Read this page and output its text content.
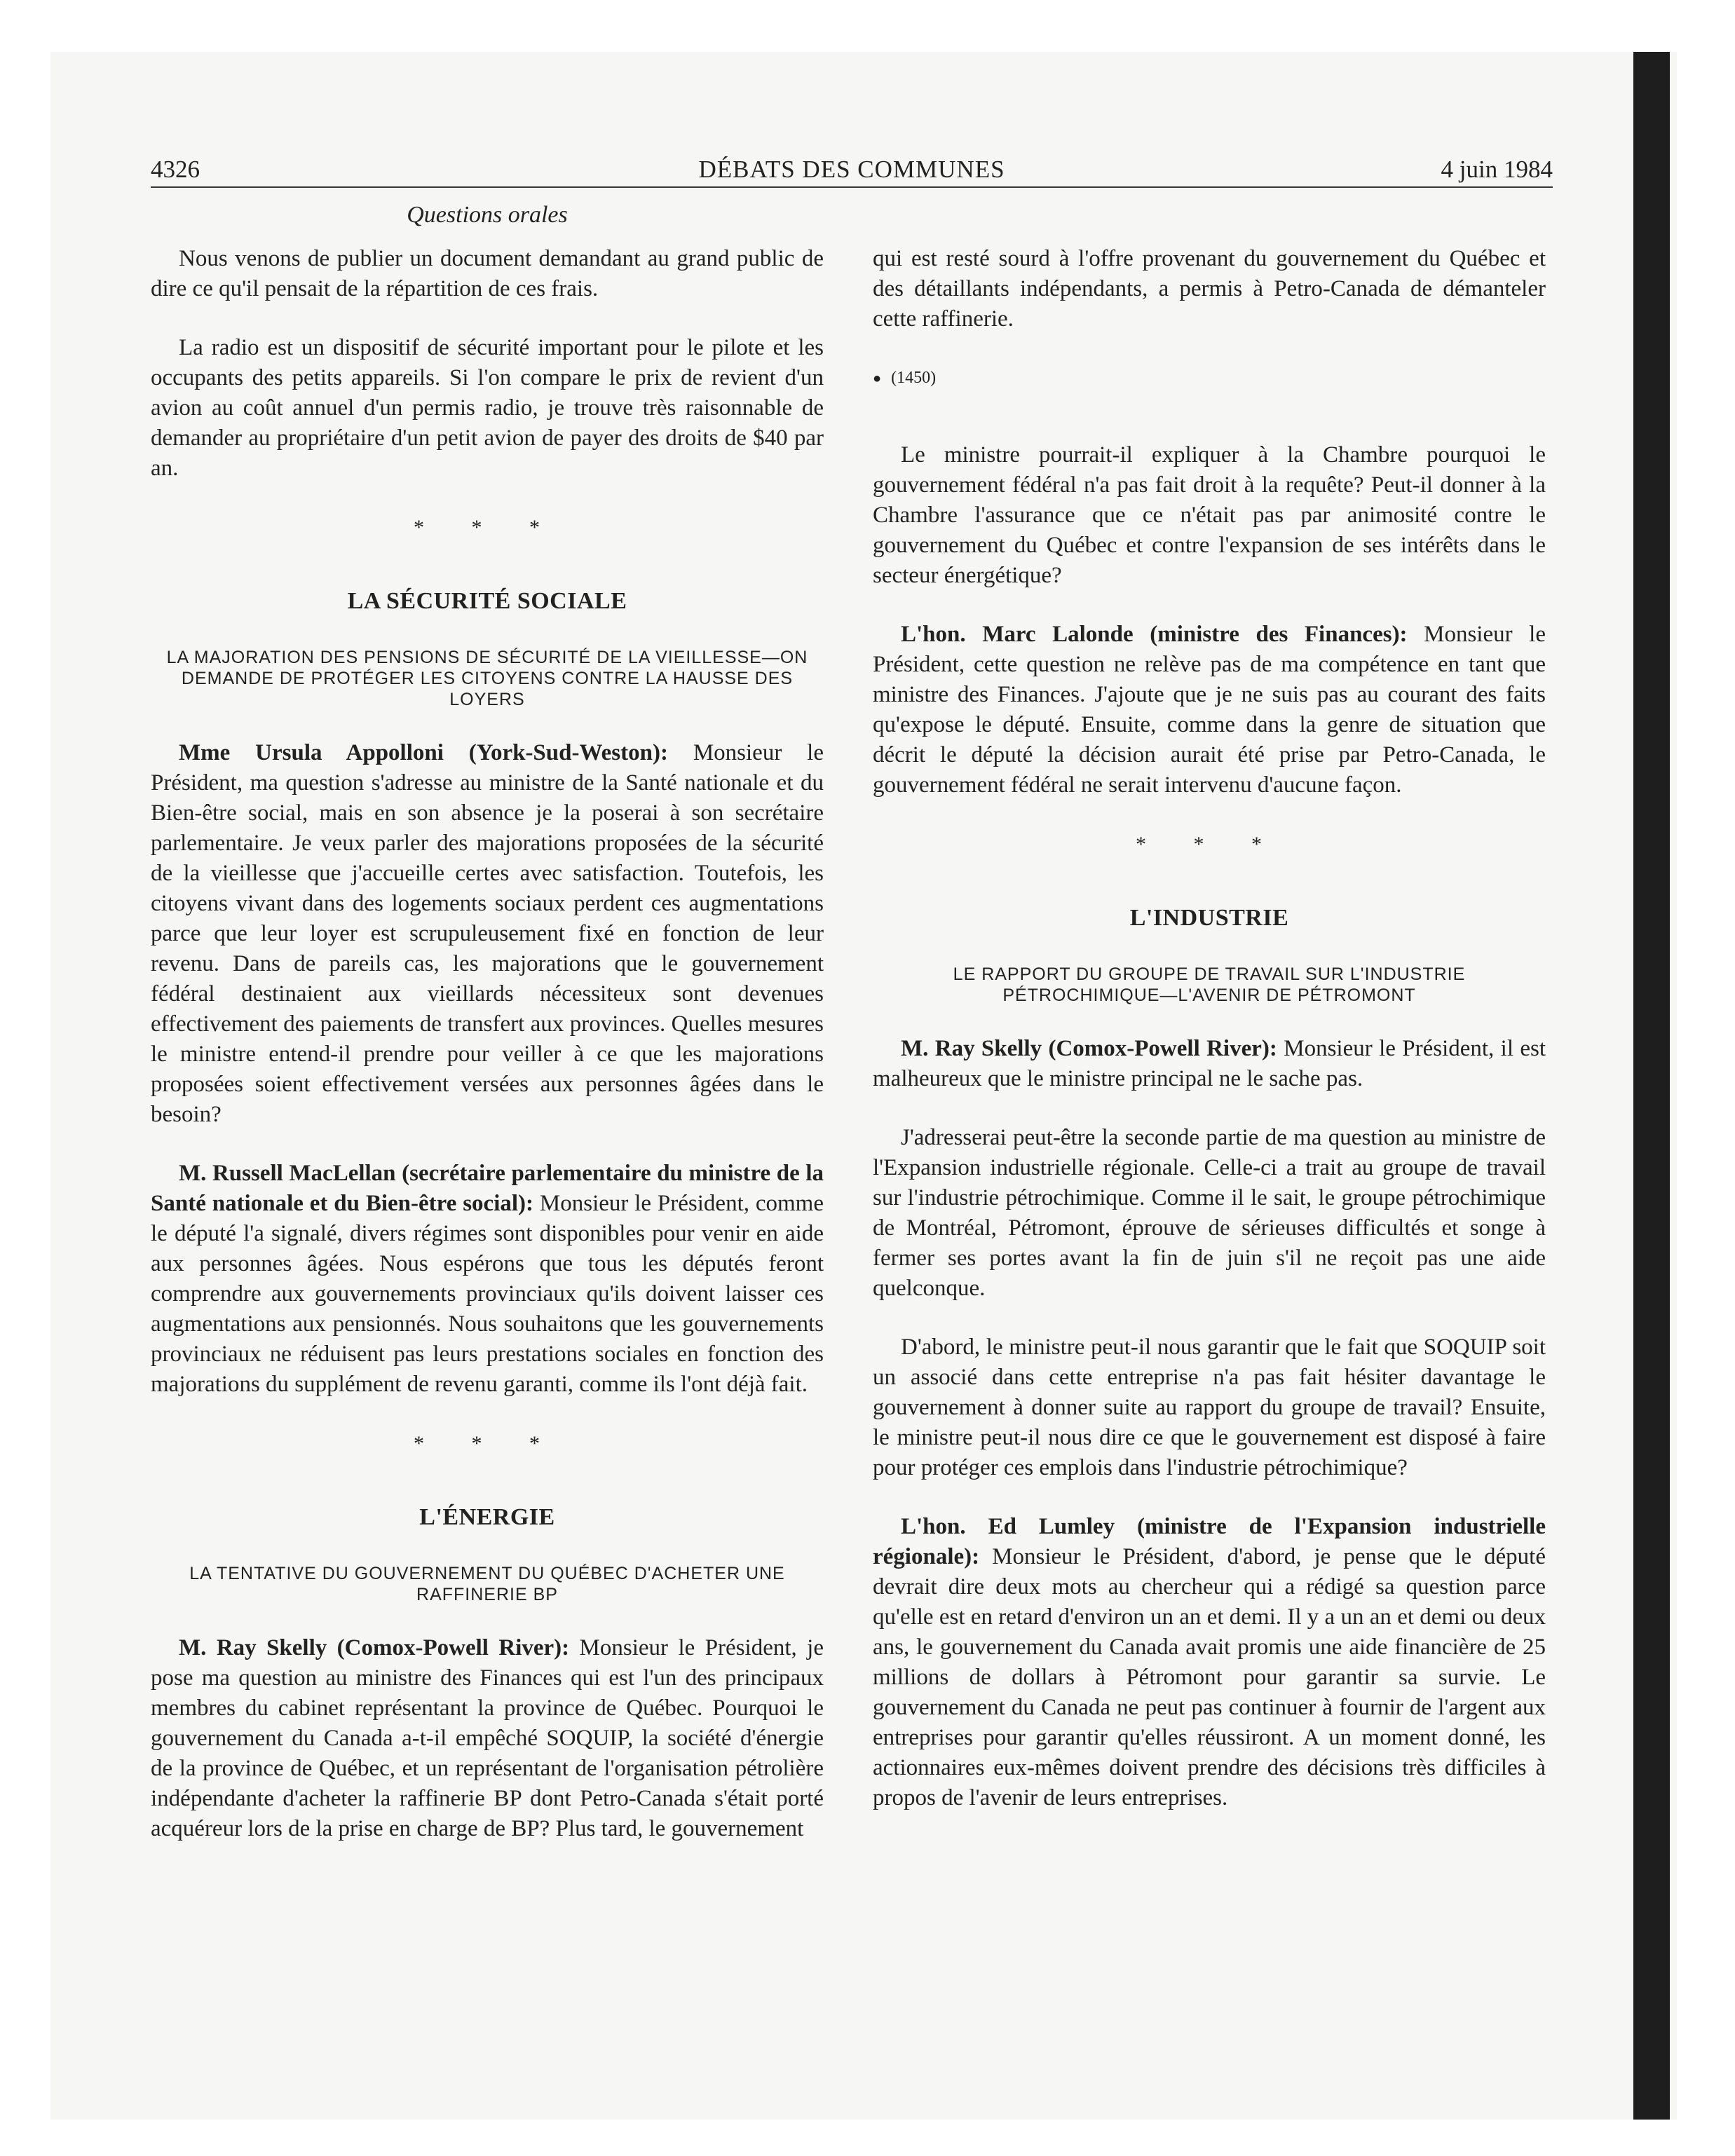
4326	DÉBATS DES COMMUNES	4 juin 1984
Questions orales

Nous venons de publier un document demandant au grand public de dire ce qu'il pensait de la répartition de ces frais.

La radio est un dispositif de sécurité important pour le pilote et les occupants des petits appareils. Si l'on compare le prix de revient d'un avion au coût annuel d'un permis radio, je trouve très raisonnable de demander au propriétaire d'un petit avion de payer des droits de $40 par an.

* * *
LA SÉCURITÉ SOCIALE
LA MAJORATION DES PENSIONS DE SÉCURITÉ DE LA VIEILLESSE—ON DEMANDE DE PROTÉGER LES CITOYENS CONTRE LA HAUSSE DES LOYERS

Mme Ursula Appolloni (York-Sud-Weston): Monsieur le Président, ma question s'adresse au ministre de la Santé nationale et du Bien-être social, mais en son absence je la poserai à son secrétaire parlementaire. Je veux parler des majorations proposées de la sécurité de la vieillesse que j'accueille certes avec satisfaction. Toutefois, les citoyens vivant dans des logements sociaux perdent ces augmentations parce que leur loyer est scrupuleusement fixé en fonction de leur revenu. Dans de pareils cas, les majorations que le gouvernement fédéral destinaient aux vieillards nécessiteux sont devenues effectivement des paiements de transfert aux provinces. Quelles mesures le ministre entend-il prendre pour veiller à ce que les majorations proposées soient effectivement versées aux personnes âgées dans le besoin?

M. Russell MacLellan (secrétaire parlementaire du ministre de la Santé nationale et du Bien-être social): Monsieur le Président, comme le député l'a signalé, divers régimes sont disponibles pour venir en aide aux personnes âgées. Nous espérons que tous les députés feront comprendre aux gouvernements provinciaux qu'ils doivent laisser ces augmentations aux pensionnés. Nous souhaitons que les gouvernements provinciaux ne réduisent pas leurs prestations sociales en fonction des majorations du supplément de revenu garanti, comme ils l'ont déjà fait.

* * *
L'ÉNERGIE
LA TENTATIVE DU GOUVERNEMENT DU QUÉBEC D'ACHETER UNE RAFFINERIE BP

M. Ray Skelly (Comox-Powell River): Monsieur le Président, je pose ma question au ministre des Finances qui est l'un des principaux membres du cabinet représentant la province de Québec. Pourquoi le gouvernement du Canada a-t-il empêché SOQUIP, la société d'énergie de la province de Québec, et un représentant de l'organisation pétrolière indépendante d'acheter la raffinerie BP dont Petro-Canada s'était porté acquéreur lors de la prise en charge de BP? Plus tard, le gouvernement

qui est resté sourd à l'offre provenant du gouvernement du Québec et des détaillants indépendants, a permis à Petro-Canada de démanteler cette raffinerie.

● (1450)

Le ministre pourrait-il expliquer à la Chambre pourquoi le gouvernement fédéral n'a pas fait droit à la requête? Peut-il donner à la Chambre l'assurance que ce n'était pas par animosité contre le gouvernement du Québec et contre l'expansion de ses intérêts dans le secteur énergétique?

L'hon. Marc Lalonde (ministre des Finances): Monsieur le Président, cette question ne relève pas de ma compétence en tant que ministre des Finances. J'ajoute que je ne suis pas au courant des faits qu'expose le député. Ensuite, comme dans la genre de situation que décrit le député la décision aurait été prise par Petro-Canada, le gouvernement fédéral ne serait intervenu d'aucune façon.

* * *
L'INDUSTRIE
LE RAPPORT DU GROUPE DE TRAVAIL SUR L'INDUSTRIE PÉTROCHIMIQUE—L'AVENIR DE PÉTROMONT

M. Ray Skelly (Comox-Powell River): Monsieur le Président, il est malheureux que le ministre principal ne le sache pas.

J'adresserai peut-être la seconde partie de ma question au ministre de l'Expansion industrielle régionale. Celle-ci a trait au groupe de travail sur l'industrie pétrochimique. Comme il le sait, le groupe pétrochimique de Montréal, Pétromont, éprouve de sérieuses difficultés et songe à fermer ses portes avant la fin de juin s'il ne reçoit pas une aide quelconque.

D'abord, le ministre peut-il nous garantir que le fait que SOQUIP soit un associé dans cette entreprise n'a pas fait hésiter davantage le gouvernement à donner suite au rapport du groupe de travail? Ensuite, le ministre peut-il nous dire ce que le gouvernement est disposé à faire pour protéger ces emplois dans l'industrie pétrochimique?

L'hon. Ed Lumley (ministre de l'Expansion industrielle régionale): Monsieur le Président, d'abord, je pense que le député devrait dire deux mots au chercheur qui a rédigé sa question parce qu'elle est en retard d'environ un an et demi. Il y a un an et demi ou deux ans, le gouvernement du Canada avait promis une aide financière de 25 millions de dollars à Pétromont pour garantir sa survie. Le gouvernement du Canada ne peut pas continuer à fournir de l'argent aux entreprises pour garantir qu'elles réussiront. A un moment donné, les actionnaires eux-mêmes doivent prendre des décisions très difficiles à propos de l'avenir de leurs entreprises.
